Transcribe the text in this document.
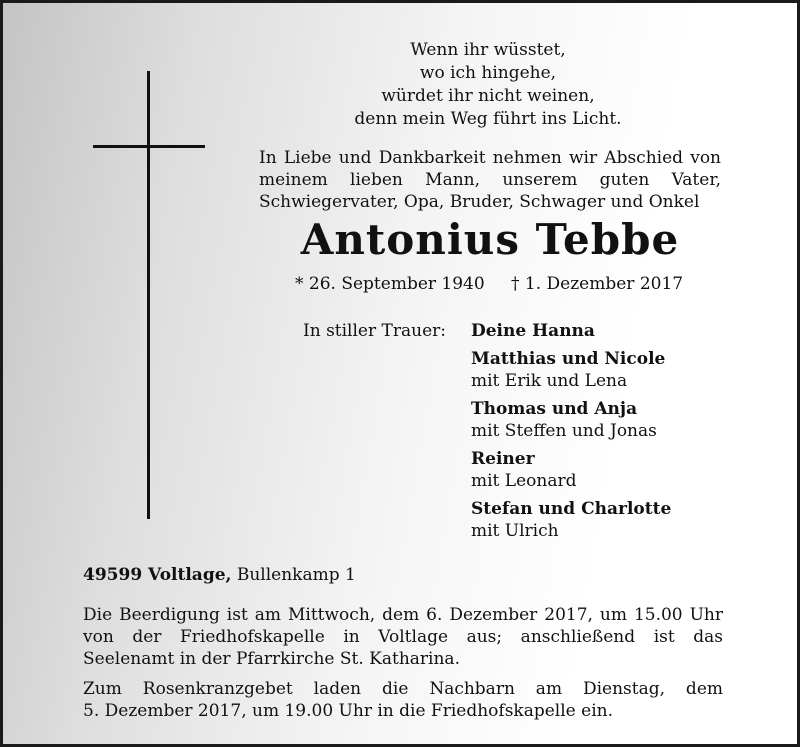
Wenn ihr wüsstet,
wo ich hingehe,
würdet ihr nicht weinen,
denn mein Weg führt ins Licht.
In Liebe und Dankbarkeit nehmen wir Abschied von
meinem lieben Mann, unserem guten Vater,
Schwiegervater, Opa, Bruder, Schwager und Onkel
Antonius Tebbe
* 26. September 1940 † 1. Dezember 2017
In stiller Trauer: Deine Hanna
Matthias und Nicole
mit Erik und Lena
Thomas und Anja
mit Steffen und Jonas
Reiner
mit Leonard
Stefan und Charlotte
mit Ulrich
49599 Voltlage, Bullenkamp 1
Die Beerdigung ist am Mittwoch, dem 6. Dezember 2017, um 15.00 Uhr
von der Friedhofskapelle in Voltlage aus; anschließend ist das
Seelenamt in der Pfarrkirche St. Katharina.
Zum Rosenkranzgebet laden die Nachbarn am Dienstag, dem
5. Dezember 2017, um 19.00 Uhr in die Friedhofskapelle ein.
